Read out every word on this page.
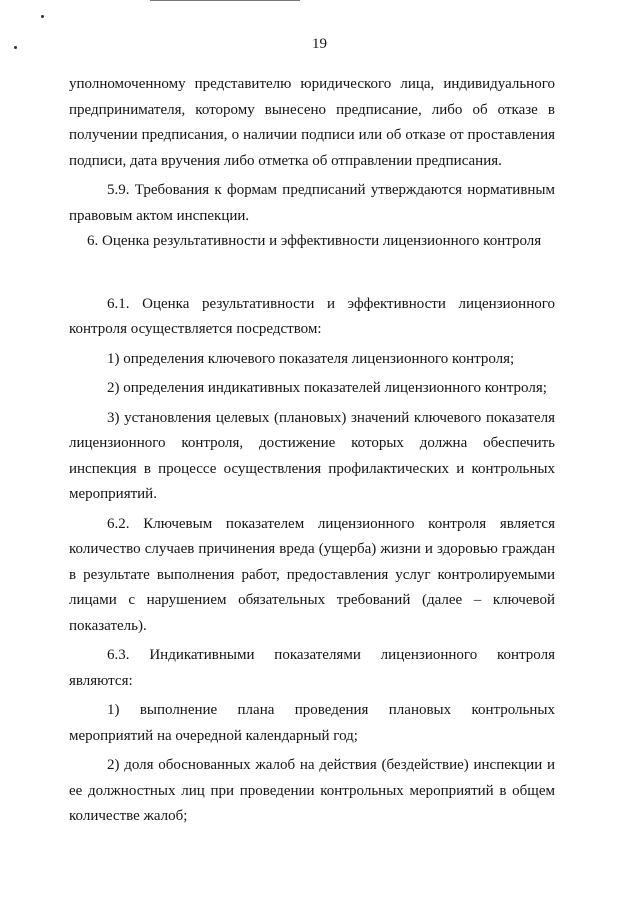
19

уполномоченному представителю юридического лица, индивидуального предпринимателя, которому вынесено предписание, либо об отказе в получении предписания, о наличии подписи или об отказе от проставления подписи, дата вручения либо отметка об отправлении предписания.

5.9. Требования к формам предписаний утверждаются нормативным правовым актом инспекции.

6. Оценка результативности и эффективности лицензионного контроля

6.1. Оценка результативности и эффективности лицензионного контроля осуществляется посредством:

1) определения ключевого показателя лицензионного контроля;

2) определения индикативных показателей лицензионного контроля;

3) установления целевых (плановых) значений ключевого показателя лицензионного контроля, достижение которых должна обеспечить инспекция в процессе осуществления профилактических и контрольных мероприятий.

6.2. Ключевым показателем лицензионного контроля является количество случаев причинения вреда (ущерба) жизни и здоровью граждан в результате выполнения работ, предоставления услуг контролируемыми лицами с нарушением обязательных требований (далее – ключевой показатель).

6.3. Индикативными показателями лицензионного контроля являются:

1) выполнение плана проведения плановых контрольных мероприятий на очередной календарный год;

2) доля обоснованных жалоб на действия (бездействие) инспекции и ее должностных лиц при проведении контрольных мероприятий в общем количестве жалоб;
